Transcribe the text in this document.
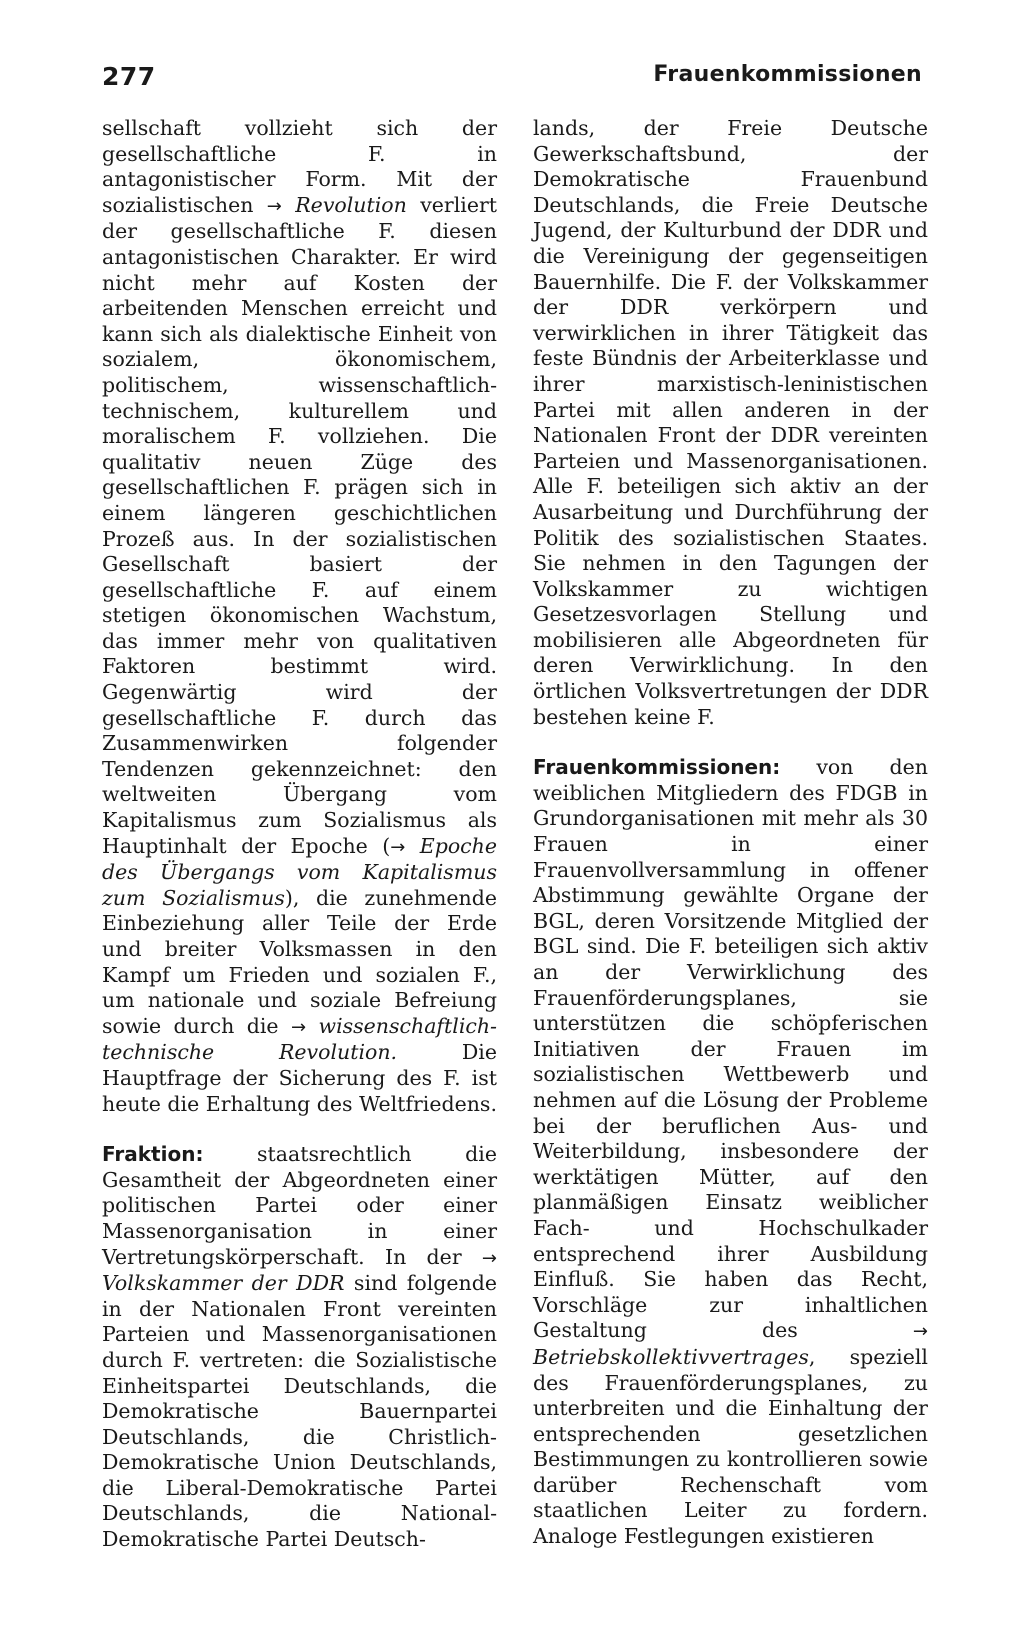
277	Frauenkommissionen

sellschaft vollzieht sich der gesellschaftliche F. in antagonistischer Form. Mit der sozialistischen → Revolution verliert der gesellschaftliche F. diesen antagonistischen Charakter. Er wird nicht mehr auf Kosten der arbeitenden Menschen erreicht und kann sich als dialektische Einheit von sozialem, ökonomischem, politischem, wissenschaftlich-technischem, kulturellem und moralischem F. vollziehen. Die qualitativ neuen Züge des gesellschaftlichen F. prägen sich in einem längeren geschichtlichen Prozeß aus. In der sozialistischen Gesellschaft basiert der gesellschaftliche F. auf einem stetigen ökonomischen Wachstum, das immer mehr von qualitativen Faktoren bestimmt wird. Gegenwärtig wird der gesellschaftliche F. durch das Zusammenwirken folgender Tendenzen gekennzeichnet: den weltweiten Übergang vom Kapitalismus zum Sozialismus als Hauptinhalt der Epoche (→ Epoche des Übergangs vom Kapitalismus zum Sozialismus), die zunehmende Einbeziehung aller Teile der Erde und breiter Volksmassen in den Kampf um Frieden und sozialen F., um nationale und soziale Befreiung sowie durch die → wissenschaftlich-technische Revolution. Die Hauptfrage der Sicherung des F. ist heute die Erhaltung des Weltfriedens.

Fraktion: staatsrechtlich die Gesamtheit der Abgeordneten einer politischen Partei oder einer Massenorganisation in einer Vertretungskörperschaft. In der → Volkskammer der DDR sind folgende in der Nationalen Front vereinten Parteien und Massenorganisationen durch F. vertreten: die Sozialistische Einheitspartei Deutschlands, die Demokratische Bauernpartei Deutschlands, die Christlich-Demokratische Union Deutschlands, die Liberal-Demokratische Partei Deutschlands, die National-Demokratische Partei Deutsch-

lands, der Freie Deutsche Gewerkschaftsbund, der Demokratische Frauenbund Deutschlands, die Freie Deutsche Jugend, der Kulturbund der DDR und die Vereinigung der gegenseitigen Bauernhilfe. Die F. der Volkskammer der DDR verkörpern und verwirklichen in ihrer Tätigkeit das feste Bündnis der Arbeiterklasse und ihrer marxistisch-leninistischen Partei mit allen anderen in der Nationalen Front der DDR vereinten Parteien und Massenorganisationen. Alle F. beteiligen sich aktiv an der Ausarbeitung und Durchführung der Politik des sozialistischen Staates. Sie nehmen in den Tagungen der Volkskammer zu wichtigen Gesetzesvorlagen Stellung und mobilisieren alle Abgeordneten für deren Verwirklichung. In den örtlichen Volksvertretungen der DDR bestehen keine F.

Frauenkommissionen: von den weiblichen Mitgliedern des FDGB in Grundorganisationen mit mehr als 30 Frauen in einer Frauenvollversammlung in offener Abstimmung gewählte Organe der BGL, deren Vorsitzende Mitglied der BGL sind. Die F. beteiligen sich aktiv an der Verwirklichung des Frauenförderungsplanes, sie unterstützen die schöpferischen Initiativen der Frauen im sozialistischen Wettbewerb und nehmen auf die Lösung der Probleme bei der beruflichen Aus- und Weiterbildung, insbesondere der werktätigen Mütter, auf den planmäßigen Einsatz weiblicher Fach- und Hochschulkader entsprechend ihrer Ausbildung Einfluß. Sie haben das Recht, Vorschläge zur inhaltlichen Gestaltung des → Betriebskollektivvertrages, speziell des Frauenförderungsplanes, zu unterbreiten und die Einhaltung der entsprechenden gesetzlichen Bestimmungen zu kontrollieren sowie darüber Rechenschaft vom staatlichen Leiter zu fordern. Analoge Festlegungen existieren
